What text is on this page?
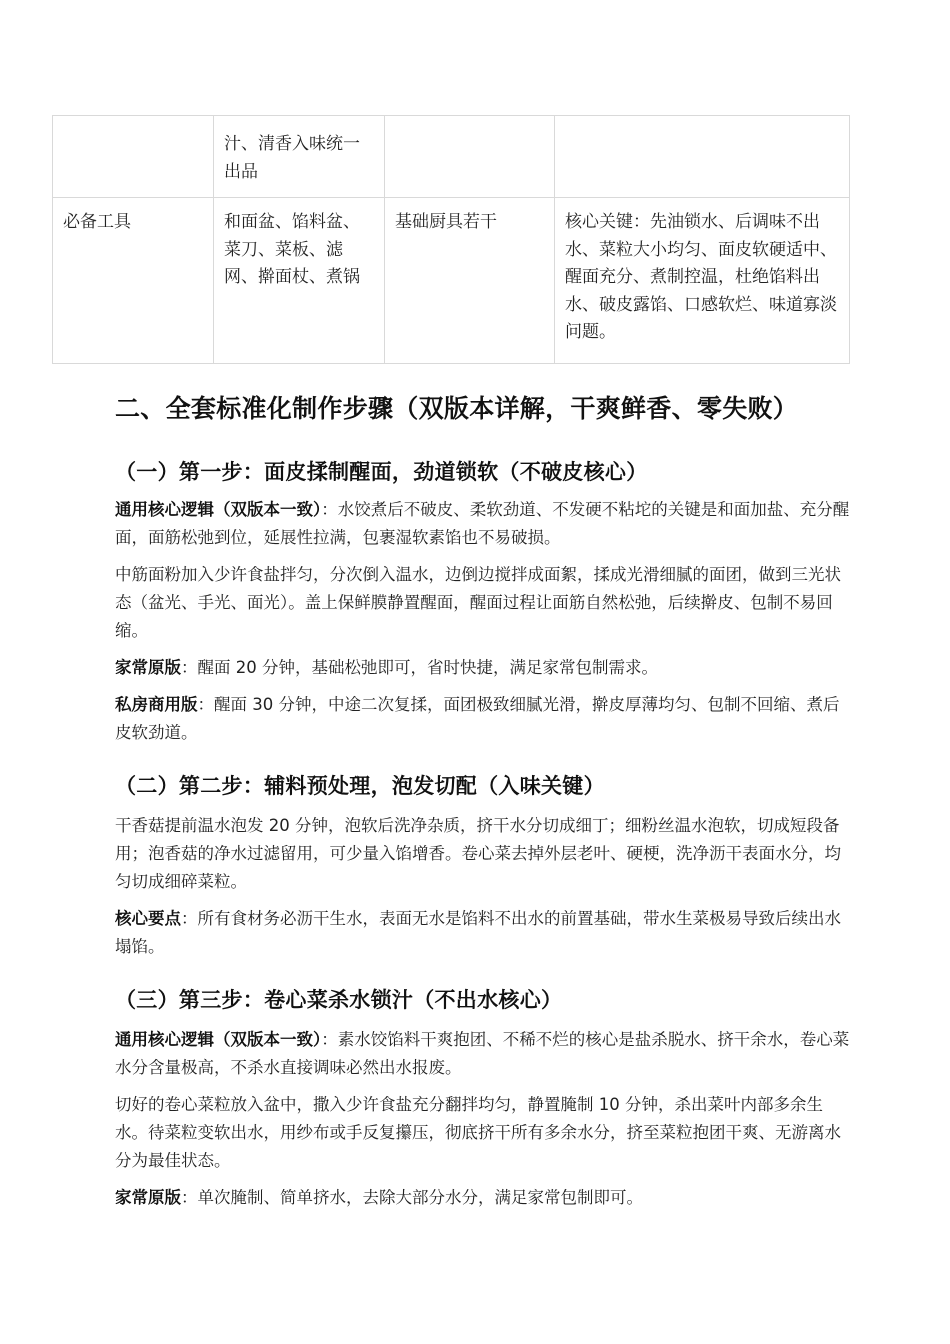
	汁、清香入味统一出品		
必备工具	和面盆、馅料盆、菜刀、菜板、滤网、擀面杖、煮锅	基础厨具若干	核心关键：先油锁水、后调味不出水、菜粒大小均匀、面皮软硬适中、醒面充分、煮制控温，杜绝馅料出水、破皮露馅、口感软烂、味道寡淡问题。
二、全套标准化制作步骤（双版本详解，干爽鲜香、零失败）
（一）第一步：面皮揉制醒面，劲道锁软（不破皮核心）

通用核心逻辑（双版本一致）：水饺煮后不破皮、柔软劲道、不发硬不粘坨的关键是和面加盐、充分醒面，面筋松弛到位，延展性拉满，包裹湿软素馅也不易破损。

中筋面粉加入少许食盐拌匀，分次倒入温水，边倒边搅拌成面絮，揉成光滑细腻的面团，做到三光状态（盆光、手光、面光）。盖上保鲜膜静置醒面，醒面过程让面筋自然松弛，后续擀皮、包制不易回缩。

家常原版：醒面 20 分钟，基础松弛即可，省时快捷，满足家常包制需求。

私房商用版：醒面 30 分钟，中途二次复揉，面团极致细腻光滑，擀皮厚薄均匀、包制不回缩、煮后皮软劲道。

（二）第二步：辅料预处理，泡发切配（入味关键）

干香菇提前温水泡发 20 分钟，泡软后洗净杂质，挤干水分切成细丁；细粉丝温水泡软，切成短段备用；泡香菇的净水过滤留用，可少量入馅增香。卷心菜去掉外层老叶、硬梗，洗净沥干表面水分，均匀切成细碎菜粒。

核心要点：所有食材务必沥干生水，表面无水是馅料不出水的前置基础，带水生菜极易导致后续出水塌馅。

（三）第三步：卷心菜杀水锁汁（不出水核心）

通用核心逻辑（双版本一致）：素水饺馅料干爽抱团、不稀不烂的核心是盐杀脱水、挤干余水，卷心菜水分含量极高，不杀水直接调味必然出水报废。

切好的卷心菜粒放入盆中，撒入少许食盐充分翻拌均匀，静置腌制 10 分钟，杀出菜叶内部多余生水。待菜粒变软出水，用纱布或手反复攥压，彻底挤干所有多余水分，挤至菜粒抱团干爽、无游离水分为最佳状态。

家常原版：单次腌制、简单挤水，去除大部分水分，满足家常包制即可。
